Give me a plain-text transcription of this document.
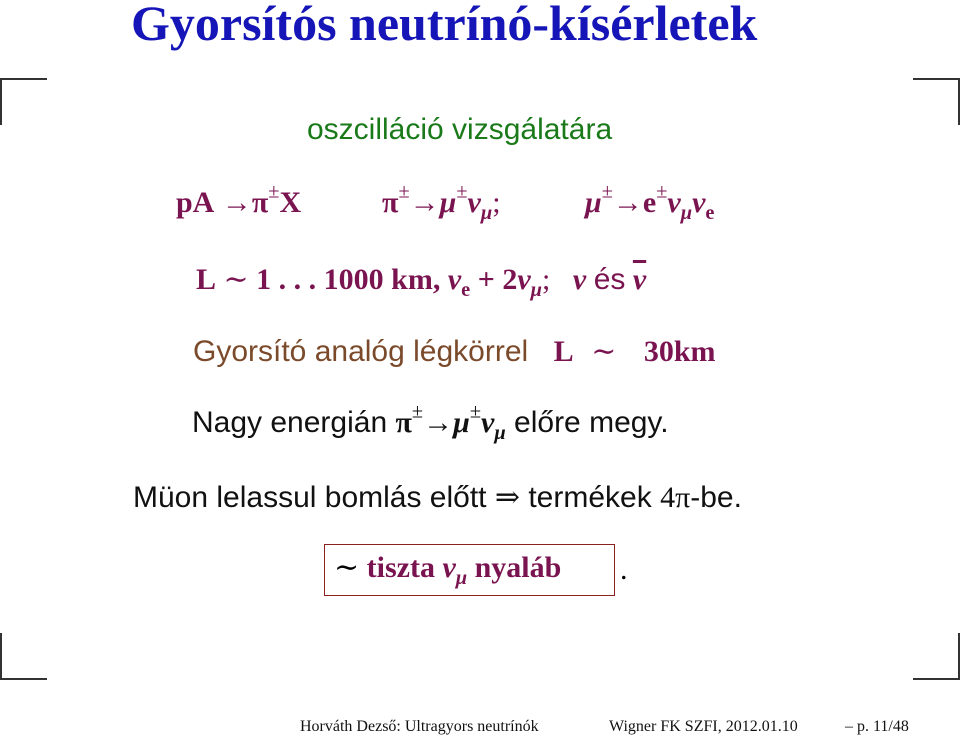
Gyorsítós neutrínó-kísérletek
oszcilláció vizsgálatára
pA →π±X	$\pi^\pm\to\mu^\pm\nu_\mu$;	$\mu^\pm\to e^\pm\nu_\mu\nu_e$
L ∼ 1 . . . 1000 km, $\nu_e + 2\nu_\mu$; ν és $\overline{\nu}$
Gyorsító analóg légkörrel L ∼ 30km
Nagy energián $\pi^\pm\to\mu^\pm\nu_\mu$ előre megy.
Müon lelassul bomlás előtt ⇒ termékek 4π-be.
∼ tiszta $\nu_\mu$ nyaláb .
Horváth Dezső: Ultragyors neutrínók	Wigner FK SZFI, 2012.01.10	– p. 11/48
